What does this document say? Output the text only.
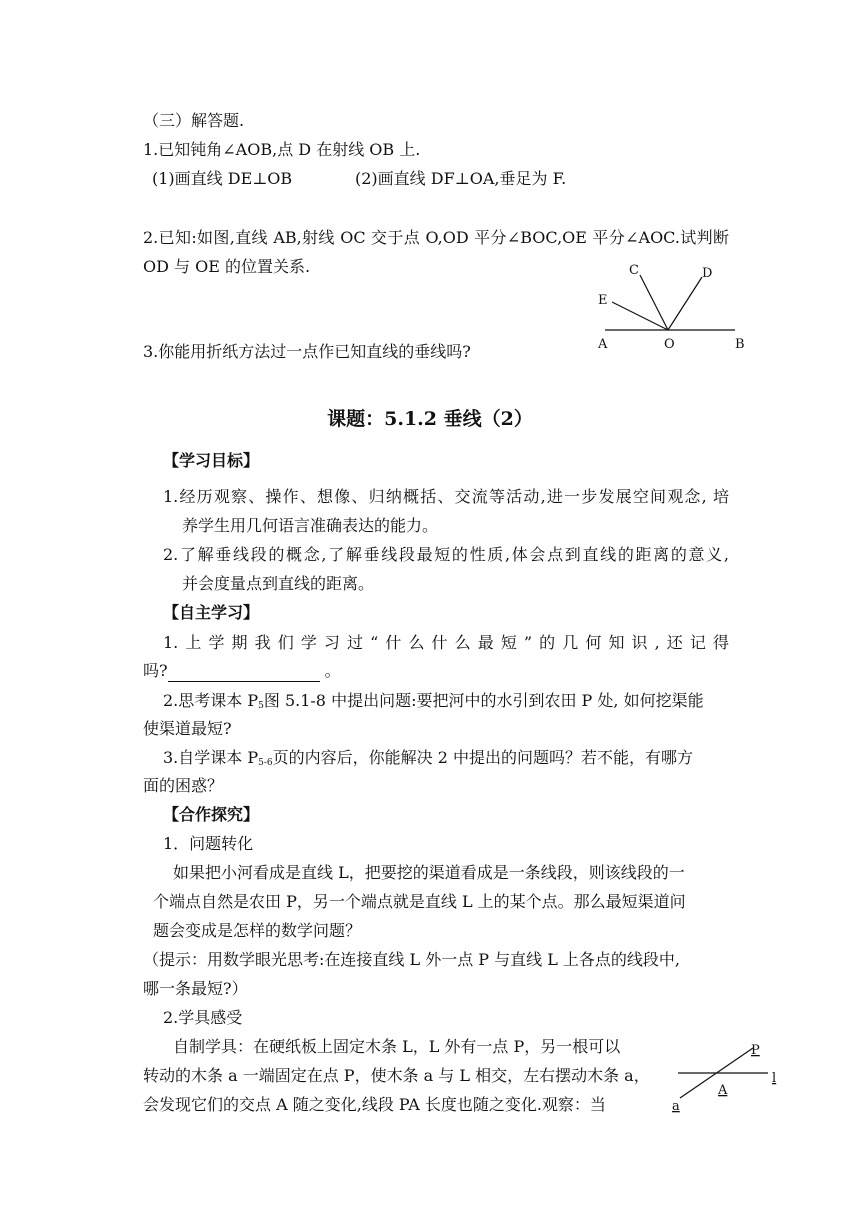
（三）解答题.
1.已知钝角∠AOB,点 D 在射线 OB 上.
(1)画直线 DE⊥OB	(2)画直线 DF⊥OA,垂足为 F.
2.已知:如图,直线 AB,射线 OC 交于点 O,OD 平分∠BOC,OE 平分∠AOC.试判断
OD 与 OE 的位置关系.
3.你能用折纸方法过一点作已知直线的垂线吗?
C	D
E
A	O	B
课题：5.1.2 垂线（2）
【学习目标】
1.经历观察、操作、想像、归纳概括、交流等活动,进一步发展空间观念, 培
养学生用几何语言准确表达的能力。
2.了解垂线段的概念,了解垂线段最短的性质,体会点到直线的距离的意义,
并会度量点到直线的距离。
【自主学习】
1.上学期我们学习过“什么什么最短”的几何知识,还记得
吗?	。
2.思考课本 $P_5$图 5.1-8 中提出问题:要把河中的水引到农田 P 处, 如何挖渠能
使渠道最短?
3.自学课本 $P_{5-6}$页的内容后，你能解决 2 中提出的问题吗？若不能，有哪方
面的困惑？
【合作探究】
1．问题转化
如果把小河看成是直线 L，把要挖的渠道看成是一条线段，则该线段的一
个端点自然是农田 P，另一个端点就是直线 L 上的某个点。那么最短渠道问
题会变成是怎样的数学问题？
（提示：用数学眼光思考:在连接直线 L 外一点 P 与直线 L 上各点的线段中,
哪一条最短?）
2.学具感受
自制学具：在硬纸板上固定木条 L，L 外有一点 P，另一根可以
转动的木条 a 一端固定在点 P，使木条 a 与 L 相交，左右摆动木条 a，
会发现它们的交点 A 随之变化,线段 PA 长度也随之变化.观察：当
P
A
l
a
